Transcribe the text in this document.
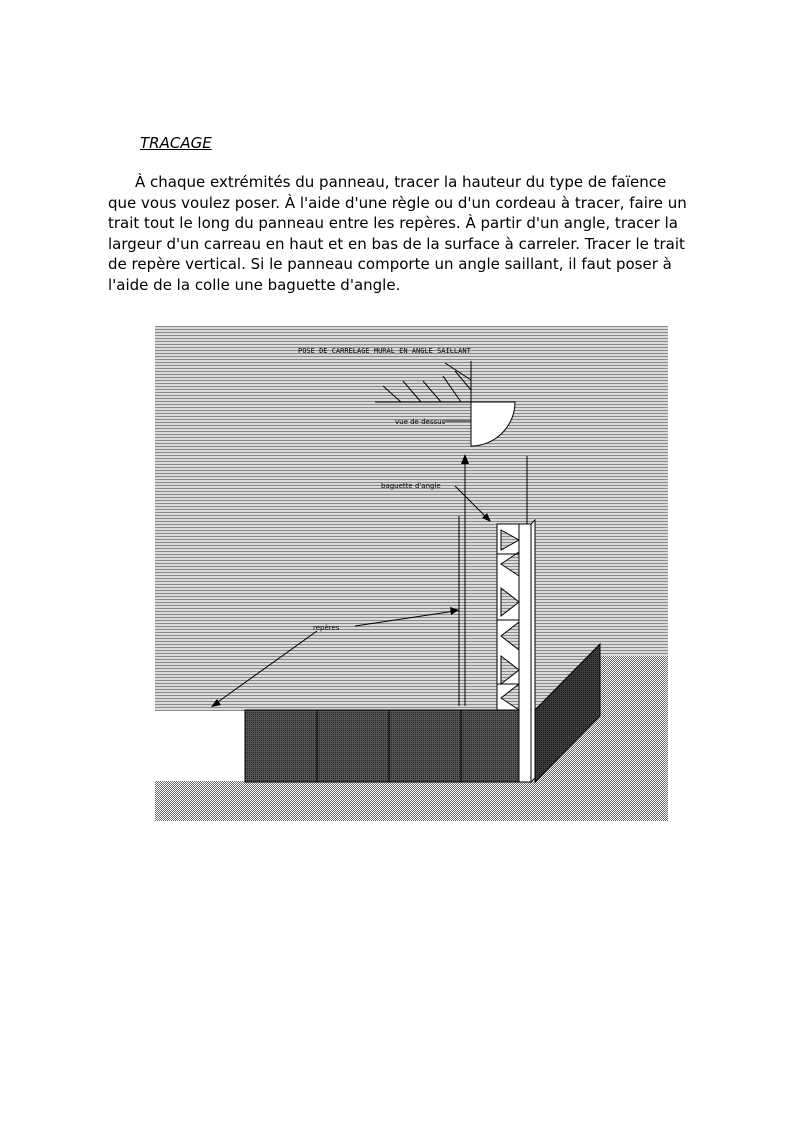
TRACAGE

À chaque extrémités du panneau, tracer la hauteur du type de faïence que vous voulez poser. À l'aide d'une règle ou d'un cordeau à tracer, faire un trait tout le long du panneau entre les repères. À partir d'un angle, tracer la largeur d'un carreau en haut et en bas de la surface à carreler. Tracer le trait de repère vertical. Si le panneau comporte un angle saillant, il faut poser à l'aide de la colle une baguette d'angle.

POSE DE CARRELAGE MURAL EN ANGLE SAILLANT
vue de dessus
baguette d'angle
repères
